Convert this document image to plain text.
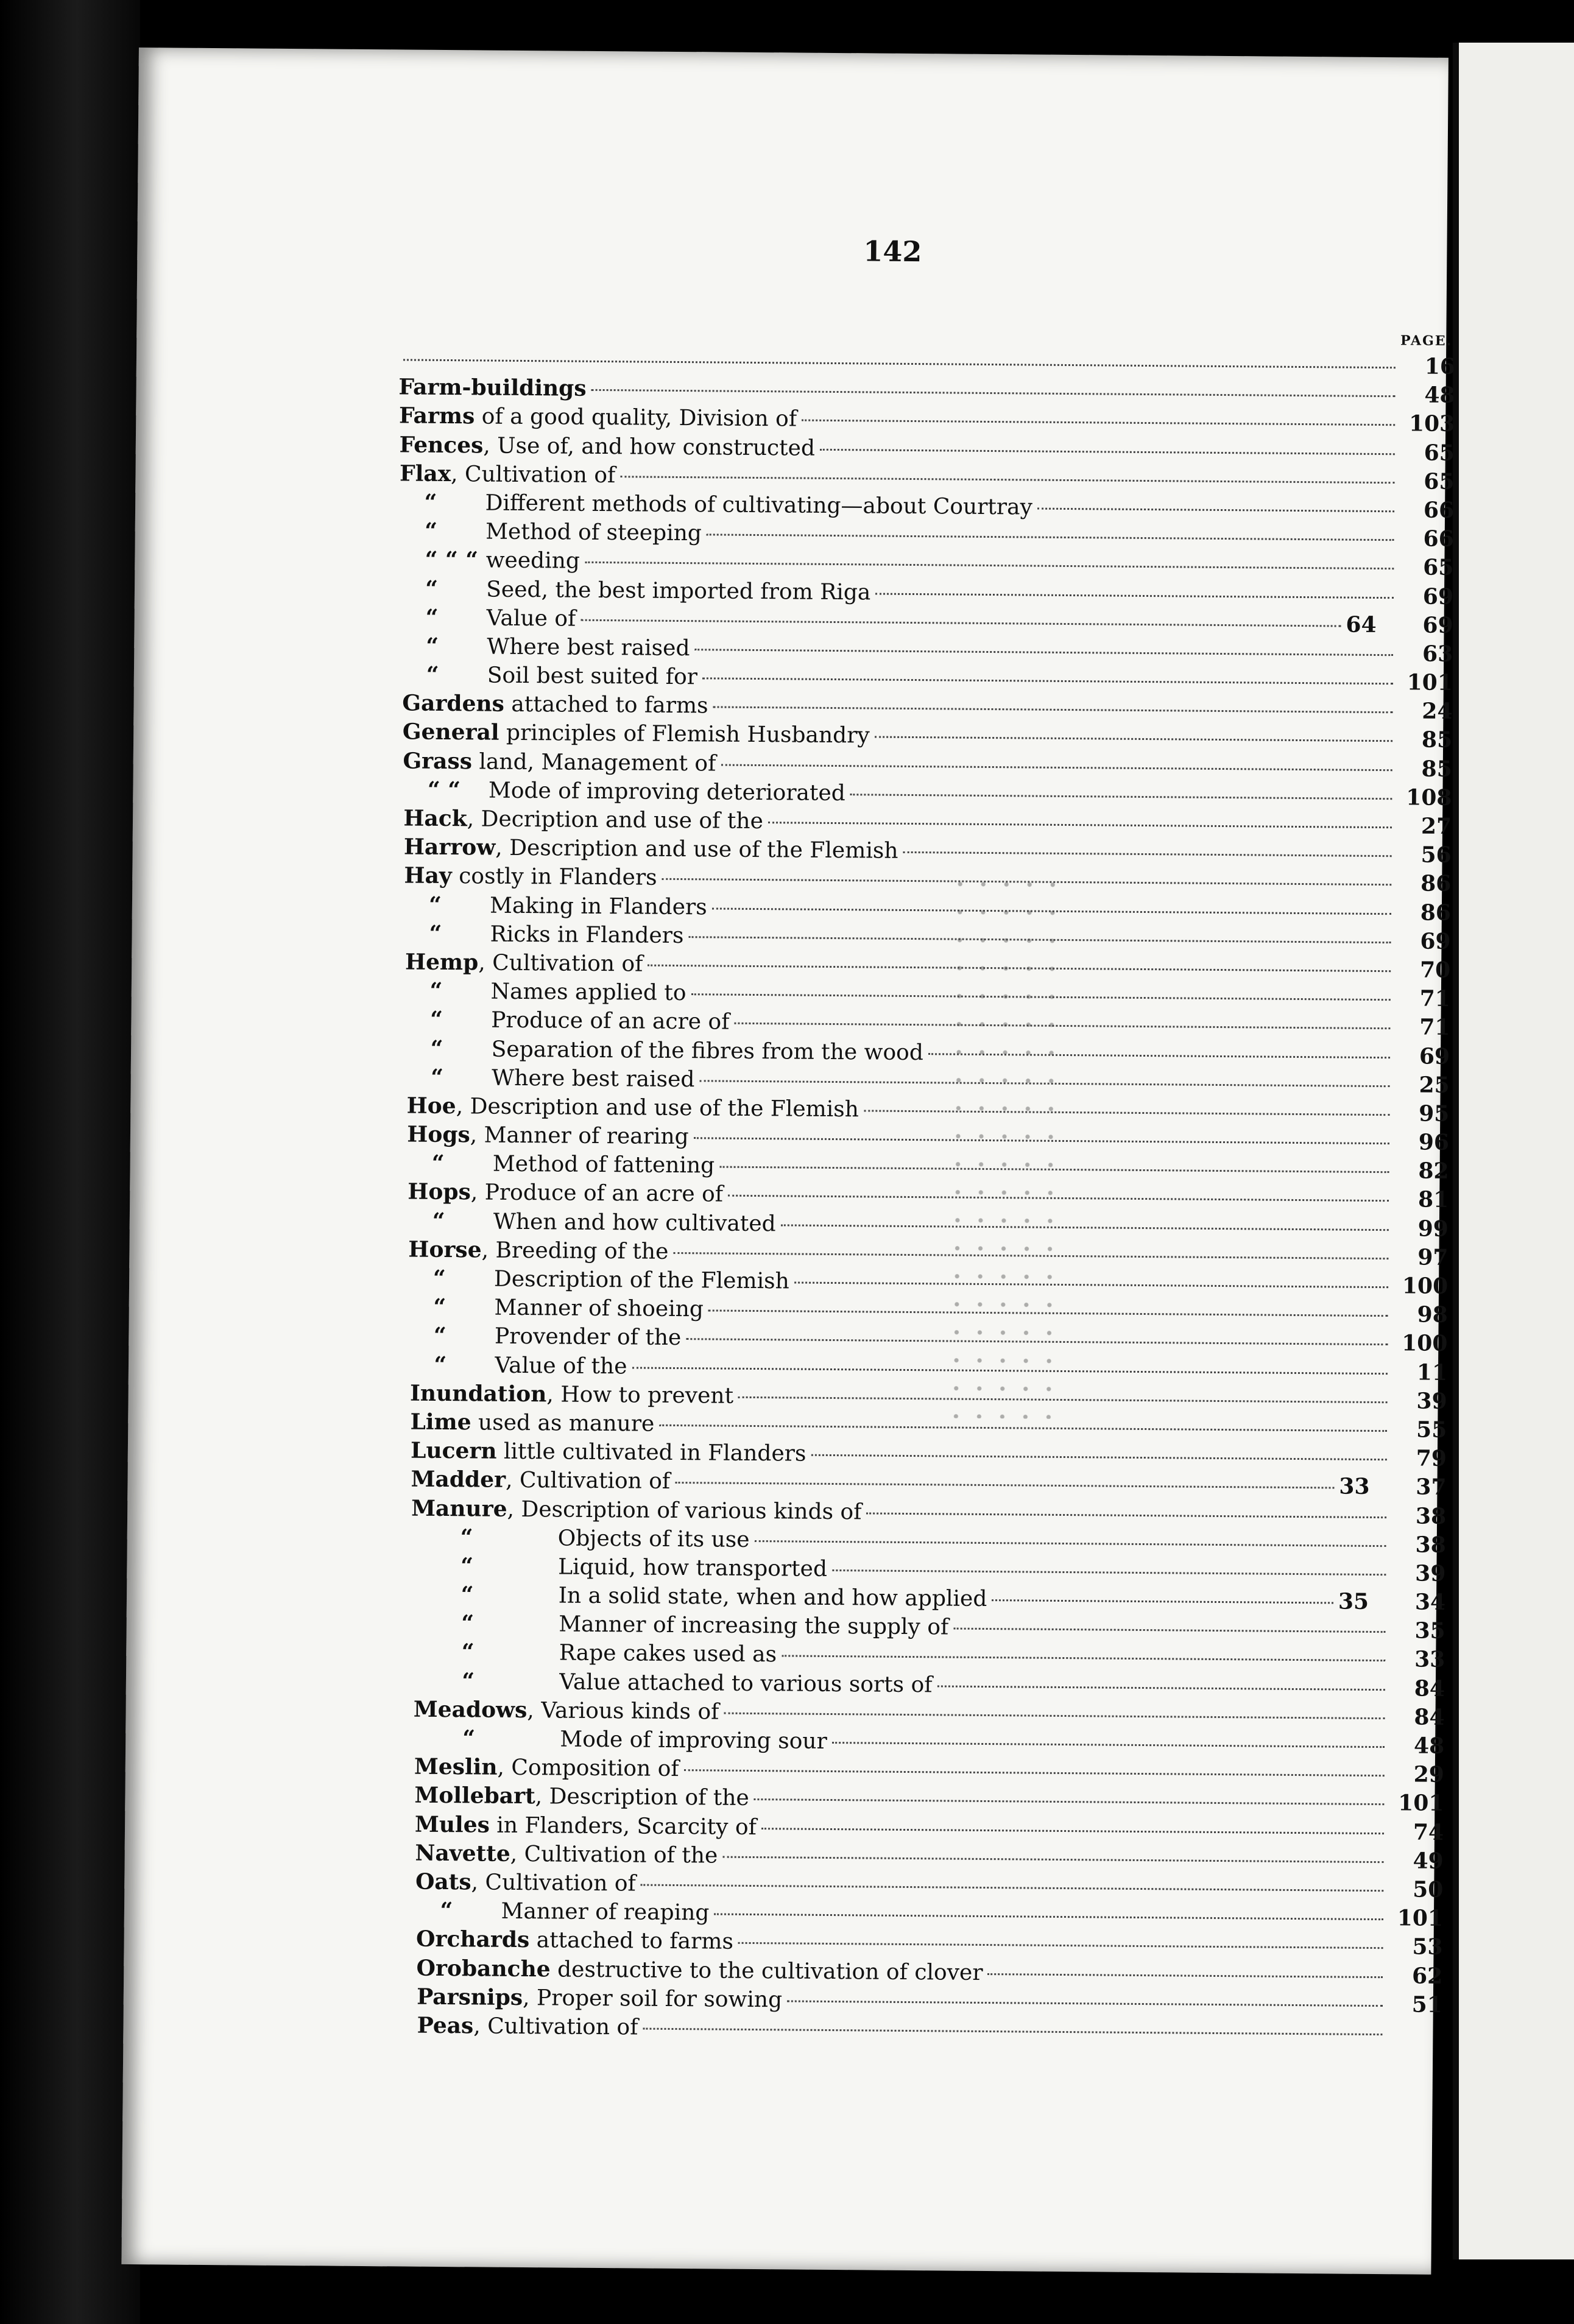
142
PAGE.
16
Farm-buildings	48
Farms of a good quality, Division of	103
Fences, Use of, and how constructed	65
Flax, Cultivation of	65
“	Different methods of cultivating—about Courtray	66
“	Method of steeping	66
“ “ “ weeding	65
“	Seed, the best imported from Riga	69
“	Value of	64	69
“	Where best raised	63
“	Soil best suited for	101
Gardens attached to farms	24
General principles of Flemish Husbandry	85
Grass land, Management of	85
“ “	Mode of improving deteriorated	108
Hack, Decription and use of the	27
Harrow, Description and use of the Flemish	56
Hay costly in Flanders	86
“	Making in Flanders	86
“	Ricks in Flanders	69
Hemp, Cultivation of	70
“	Names applied to	71
“	Produce of an acre of	71
“	Separation of the fibres from the wood	69
“	Where best raised	25
Hoe, Description and use of the Flemish	95
Hogs, Manner of rearing	96
“	Method of fattening	82
Hops, Produce of an acre of	81
“	When and how cultivated	99
Horse, Breeding of the	97
“	Description of the Flemish	100
“	Manner of shoeing	98
“	Provender of the	100
“	Value of the	11
Inundation, How to prevent	39
Lime used as manure	55
Lucern little cultivated in Flanders	79
Madder, Cultivation of	33	37
Manure, Description of various kinds of	38
“	Objects of its use	38
“	Liquid, how transported	39
“	In a solid state, when and how applied	35	34
“	Manner of increasing the supply of	35
“	Rape cakes used as	33
“	Value attached to various sorts of	84
Meadows, Various kinds of	84
“	Mode of improving sour	48
Meslin, Composition of	29
Mollebart, Description of the	101
Mules in Flanders, Scarcity of	74
Navette, Cultivation of the	49
Oats, Cultivation of	50
“	Manner of reaping	101
Orchards attached to farms	53
Orobanche destructive to the cultivation of clover	62
Parsnips, Proper soil for sowing	51
Peas, Cultivation of
